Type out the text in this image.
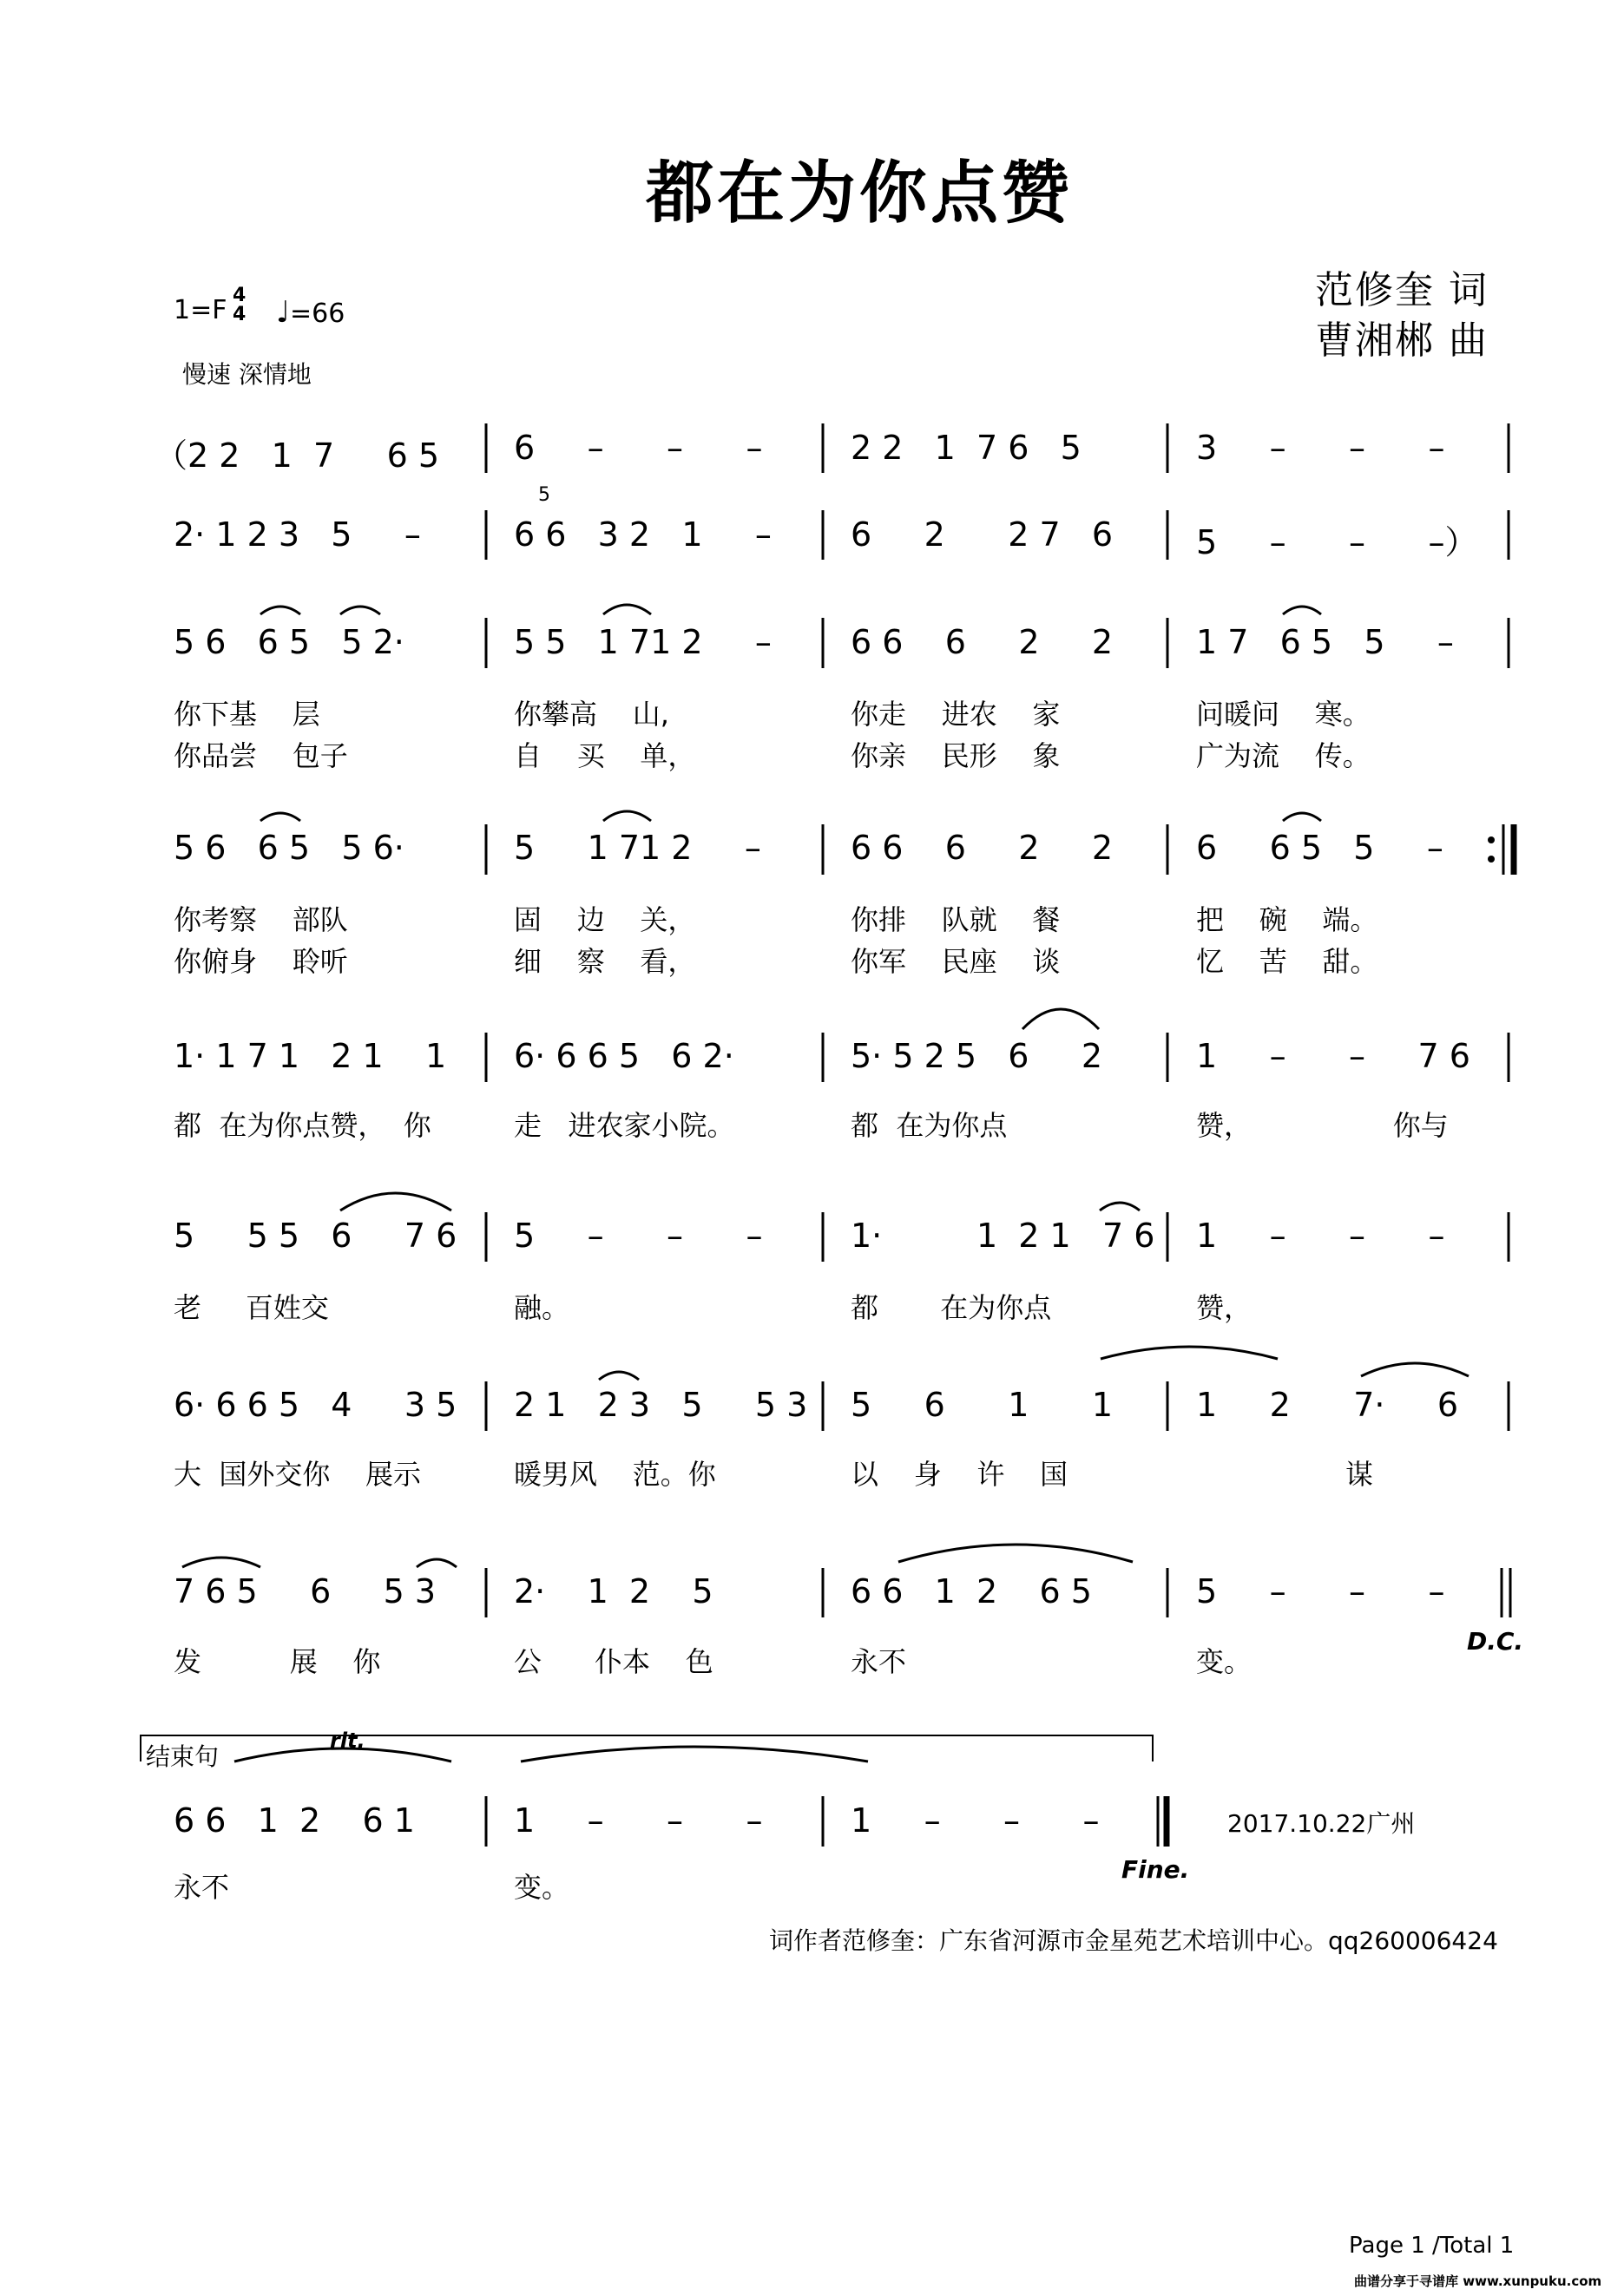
都在为你点赞
范修奎 词
曹湘郴 曲
1=F 4
4 ♩=66
慢速 深情地
（2 2   1  7     6 5 6     –      –      –	2 2   1  7 6   5	3     –      –      –
5
2· 1 2 3   5     –	6 6   3 2   1     – 6     2      2 7   6	5     –      –      –）
5 6   6 5   5 2·	5 5   1 71 2     – 6 6    6     2     2	1 7   6 5   5     –
你下基    层	你攀高    山,	你走    进农    家	问暖问    寒。
你品尝    包子	自    买    单，	你亲    民形    象	广为流    传。
5 6   6 5   5 6·	5     1 71 2     –	6 6    6     2     2	6     6 5   5     –
你考察    部队	固    边    关，	你排    队就    餐	把    碗    端。
你俯身    聆听	细    察    看，	你军    民座    谈	忆    苦    甜。
1· 1 7 1   2 1    1 6· 6 6 5   6 2·	5· 5 2 5   6     2	1     –      –     7 6
都  在为你点赞，  你	走   进农家小院。	都  在为你点	赞，                你与
5     5 5   6     7 6 5     –      –      –	1·         1  2 1   7 6 1     –      –      –
老     百姓交	融。	都       在为你点	赞，
6· 6 6 5   4     3 5 2 1   2 3   5     5 3 5     6      1      1	1     2      7·     6
大  国外交你    展示	暖男风    范。你	以    身    许    国	谋
7 6 5     6     5 3 2·    1  2    5	6 6   1  2    6 5	5     –      –      –
发          展    你	公      仆本    色	永不	变。
D.C.
结束句
rit.
6 6   1  2    6 1	1     –      –      –	1     –      –      –	2017.10.22广州
永不	变。
Fine.
词作者范修奎：广东省河源市金星苑艺术培训中心。qq260006424
Page 1 /Total 1
曲谱分享于寻谱库 www.xunpuku.com
